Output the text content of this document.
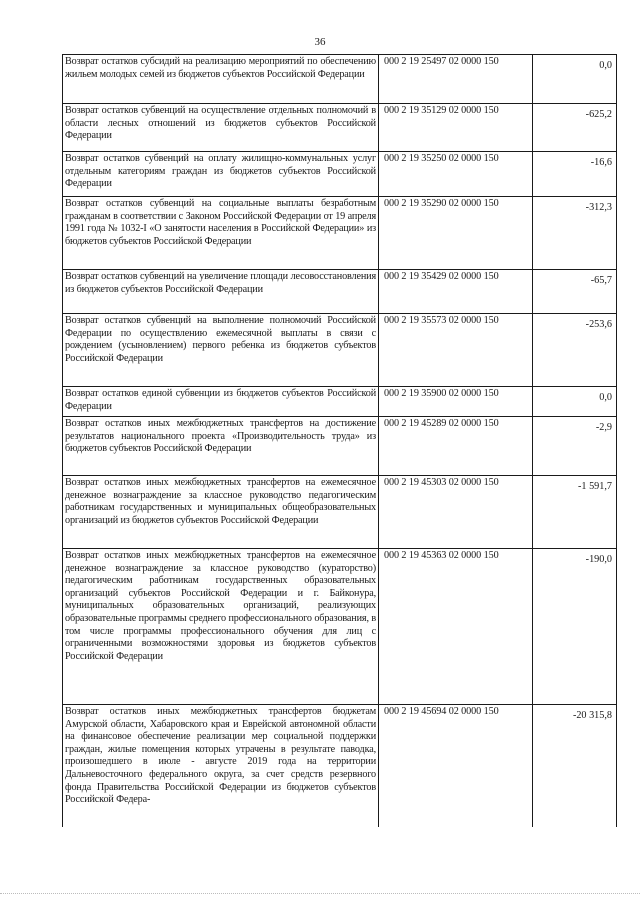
36
Возврат остатков субсидий на реализацию мероприятий по обеспечению жильем молодых семей из бюджетов субъектов Российской Федерации	000 2 19 25497 02 0000 150	0,0
Возврат остатков субвенций на осуществление отдельных полномочий в области лесных отношений из бюджетов субъектов Российской Федерации	000 2 19 35129 02 0000 150	-625,2
Возврат остатков субвенций на оплату жилищно-коммунальных услуг отдельным категориям граждан из бюджетов субъектов Российской Федерации	000 2 19 35250 02 0000 150	-16,6
Возврат остатков субвенций на социальные выплаты безработным гражданам в соответствии с Законом Российской Федерации от 19 апреля 1991 года № 1032-I «О занятости населения в Российской Федерации» из бюджетов субъектов Российской Федерации	000 2 19 35290 02 0000 150	-312,3
Возврат остатков субвенций на увеличение площади лесовосстановления из бюджетов субъектов Российской Федерации	000 2 19 35429 02 0000 150	-65,7
Возврат остатков субвенций на выполнение полномочий Российской Федерации по осуществлению ежемесячной выплаты в связи с рождением (усыновлением) первого ребенка из бюджетов субъектов Российской Федерации	000 2 19 35573 02 0000 150	-253,6
Возврат остатков единой субвенции из бюджетов субъектов Российской Федерации	000 2 19 35900 02 0000 150	0,0
Возврат остатков иных межбюджетных трансфертов на достижение результатов национального проекта «Производительность труда» из бюджетов субъектов Российской Федерации	000 2 19 45289 02 0000 150	-2,9
Возврат остатков иных межбюджетных трансфертов на ежемесячное денежное вознаграждение за классное руководство педагогическим работникам государственных и муниципальных общеобразовательных организаций из бюджетов субъектов Российской Федерации	000 2 19 45303 02 0000 150	-1 591,7
Возврат остатков иных межбюджетных трансфертов на ежемесячное денежное вознаграждение за классное руководство (кураторство) педагогическим работникам государственных образовательных организаций субъектов Российской Федерации и г. Байконура, муниципальных образовательных организаций, реализующих образовательные программы среднего профессионального образования, в том числе программы профессионального обучения для лиц с ограниченными возможностями здоровья из бюджетов субъектов Российской Федерации	000 2 19 45363 02 0000 150	-190,0
Возврат остатков иных межбюджетных трансфертов бюджетам Амурской области, Хабаровского края и Еврейской автономной области на финансовое обеспечение реализации мер социальной поддержки граждан, жилые помещения которых утрачены в результате паводка, произошедшего в июле - августе 2019 года на территории Дальневосточного федерального округа, за счет средств резервного фонда Правительства Российской Федерации из бюджетов субъектов Российской Федера-	000 2 19 45694 02 0000 150	-20 315,8
